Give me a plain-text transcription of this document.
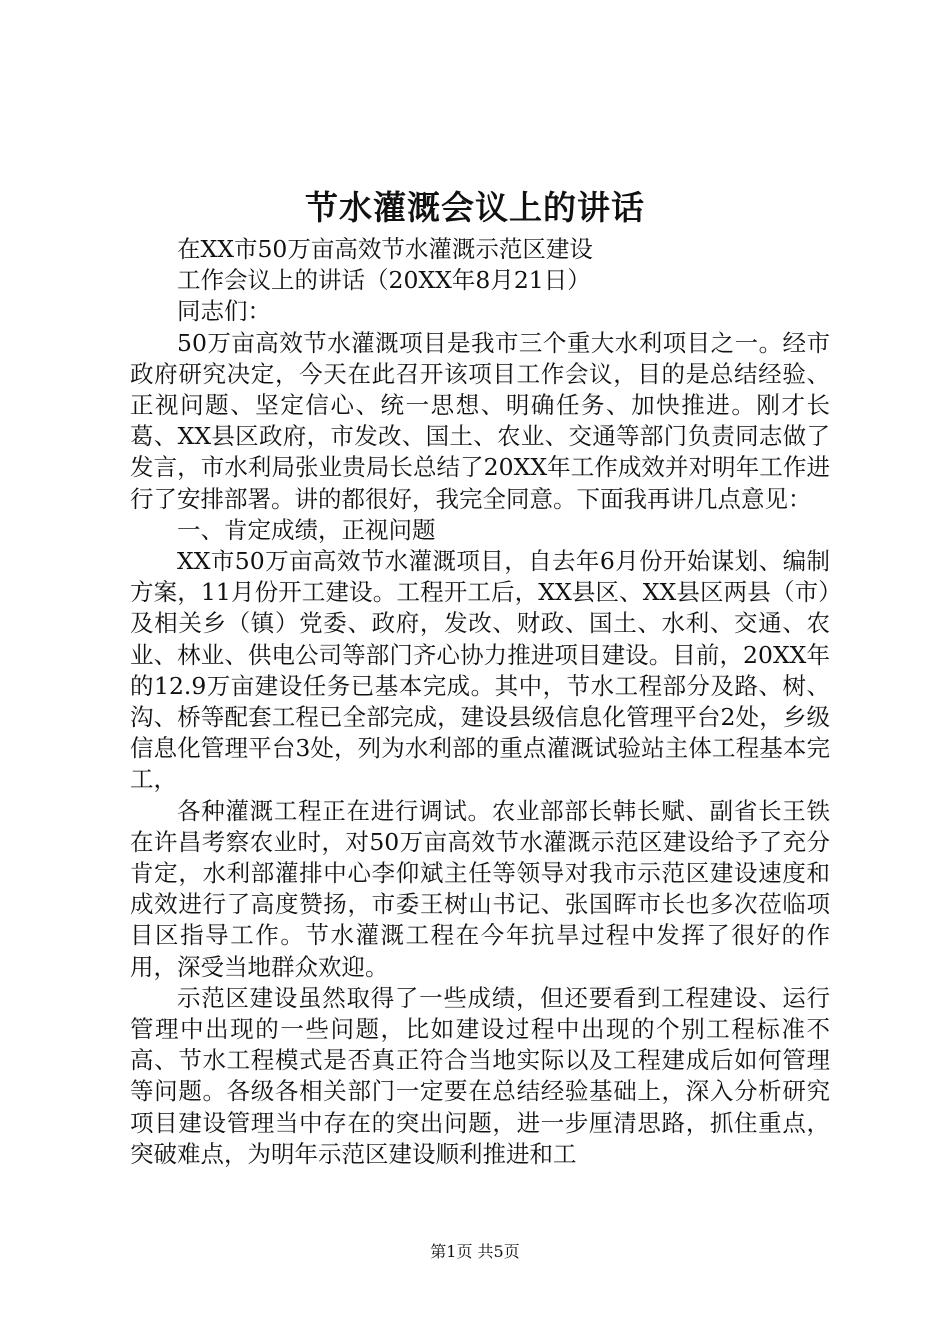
节水灌溉会议上的讲话

在XX市50万亩高效节水灌溉示范区建设

工作会议上的讲话（20XX年8月21日）

同志们：

50万亩高效节水灌溉项目是我市三个重大水利项目之一。经市政府研究决定，今天在此召开该项目工作会议，目的是总结经验、正视问题、坚定信心、统一思想、明确任务、加快推进。刚才长葛、XX县区政府，市发改、国土、农业、交通等部门负责同志做了发言，市水利局张业贵局长总结了20XX年工作成效并对明年工作进行了安排部署。讲的都很好，我完全同意。下面我再讲几点意见：

一、肯定成绩，正视问题

XX市50万亩高效节水灌溉项目，自去年6月份开始谋划、编制方案，11月份开工建设。工程开工后，XX县区、XX县区两县（市）及相关乡（镇）党委、政府，发改、财政、国土、水利、交通、农业、林业、供电公司等部门齐心协力推进项目建设。目前，20XX年的12.9万亩建设任务已基本完成。其中，节水工程部分及路、树、沟、桥等配套工程已全部完成，建设县级信息化管理平台2处，乡级信息化管理平台3处，列为水利部的重点灌溉试验站主体工程基本完工，

各种灌溉工程正在进行调试。农业部部长韩长赋、副省长王铁在许昌考察农业时，对50万亩高效节水灌溉示范区建设给予了充分肯定，水利部灌排中心李仰斌主任等领导对我市示范区建设速度和成效进行了高度赞扬，市委王树山书记、张国晖市长也多次莅临项目区指导工作。节水灌溉工程在今年抗旱过程中发挥了很好的作用，深受当地群众欢迎。

示范区建设虽然取得了一些成绩，但还要看到工程建设、运行管理中出现的一些问题，比如建设过程中出现的个别工程标准不高、节水工程模式是否真正符合当地实际以及工程建成后如何管理等问题。各级各相关部门一定要在总结经验基础上，深入分析研究项目建设管理当中存在的突出问题，进一步厘清思路，抓住重点，突破难点，为明年示范区建设顺利推进和工

第1页 共5页
